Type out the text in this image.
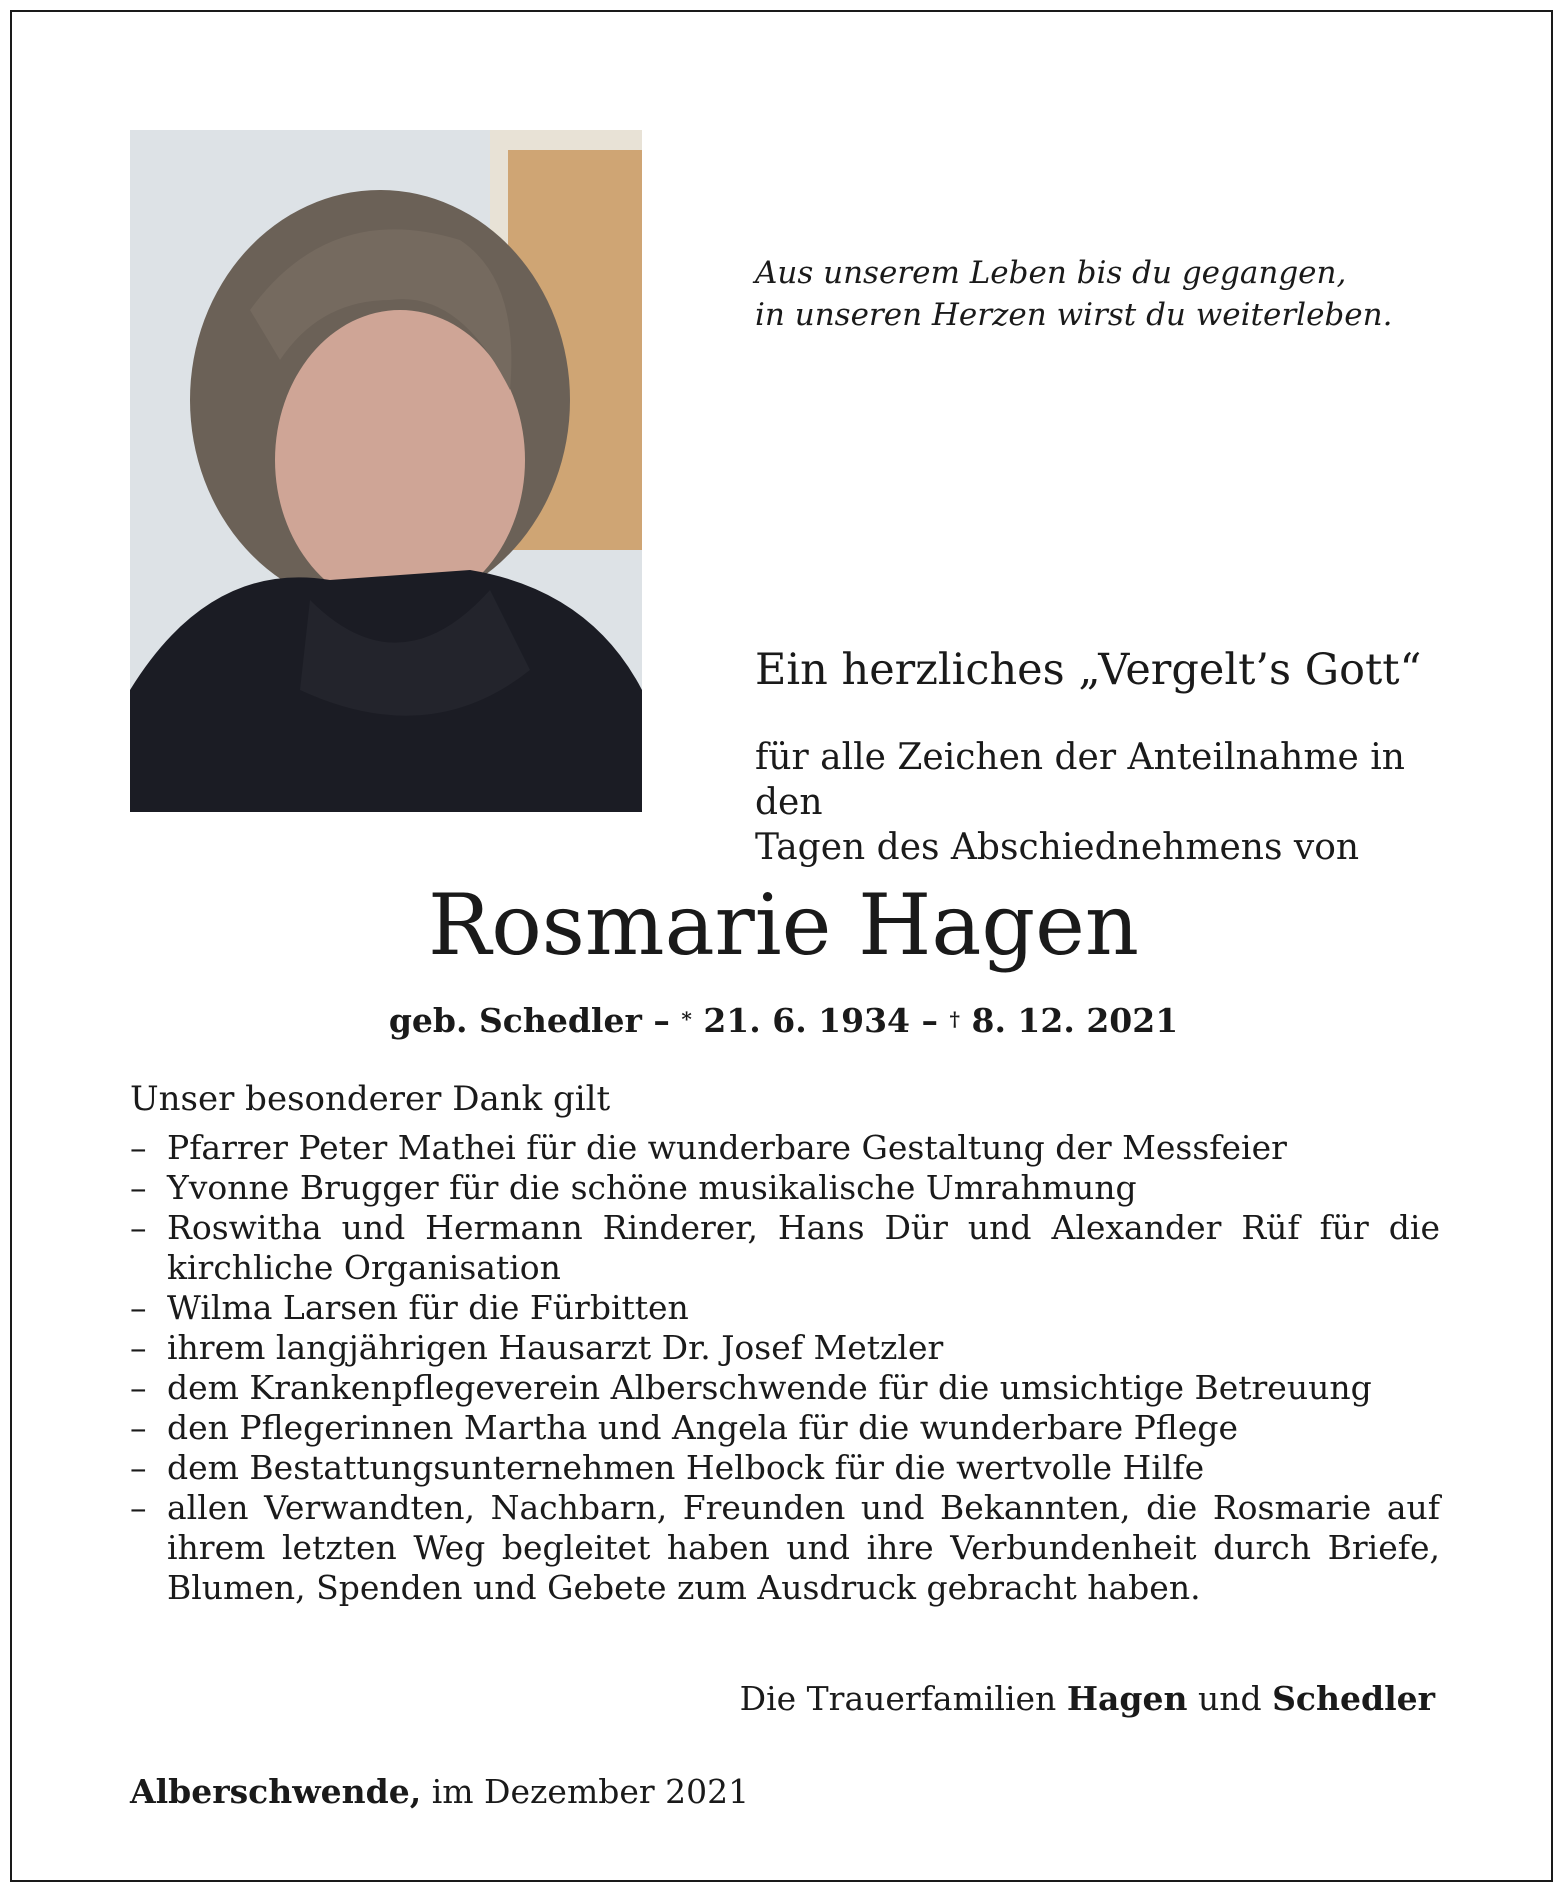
Aus unserem Leben bis du gegangen,
in unseren Herzen wirst du weiterleben.
Ein herzliches „Vergelt’s Gott“
für alle Zeichen der Anteilnahme in den
Tagen des Abschiednehmens von
Rosmarie Hagen
geb. Schedler – * 21. 6. 1934 – † 8. 12. 2021
Unser besonderer Dank gilt
– Pfarrer Peter Mathei für die wunderbare Gestaltung der Messfeier
– Yvonne Brugger für die schöne musikalische Umrahmung
– Roswitha und Hermann Rinderer, Hans Dür und Alexander Rüf für die kirchliche Organisation
– Wilma Larsen für die Fürbitten
– ihrem langjährigen Hausarzt Dr. Josef Metzler
– dem Krankenpflegeverein Alberschwende für die umsichtige Betreuung
– den Pflegerinnen Martha und Angela für die wunderbare Pflege
– dem Bestattungsunternehmen Helbock für die wertvolle Hilfe
– allen Verwandten, Nachbarn, Freunden und Bekannten, die Rosmarie auf ihrem letzten Weg begleitet haben und ihre Verbundenheit durch Briefe, Blumen, Spenden und Gebete zum Ausdruck gebracht haben.
Die Trauerfamilien Hagen und Schedler
Alberschwende, im Dezember 2021
